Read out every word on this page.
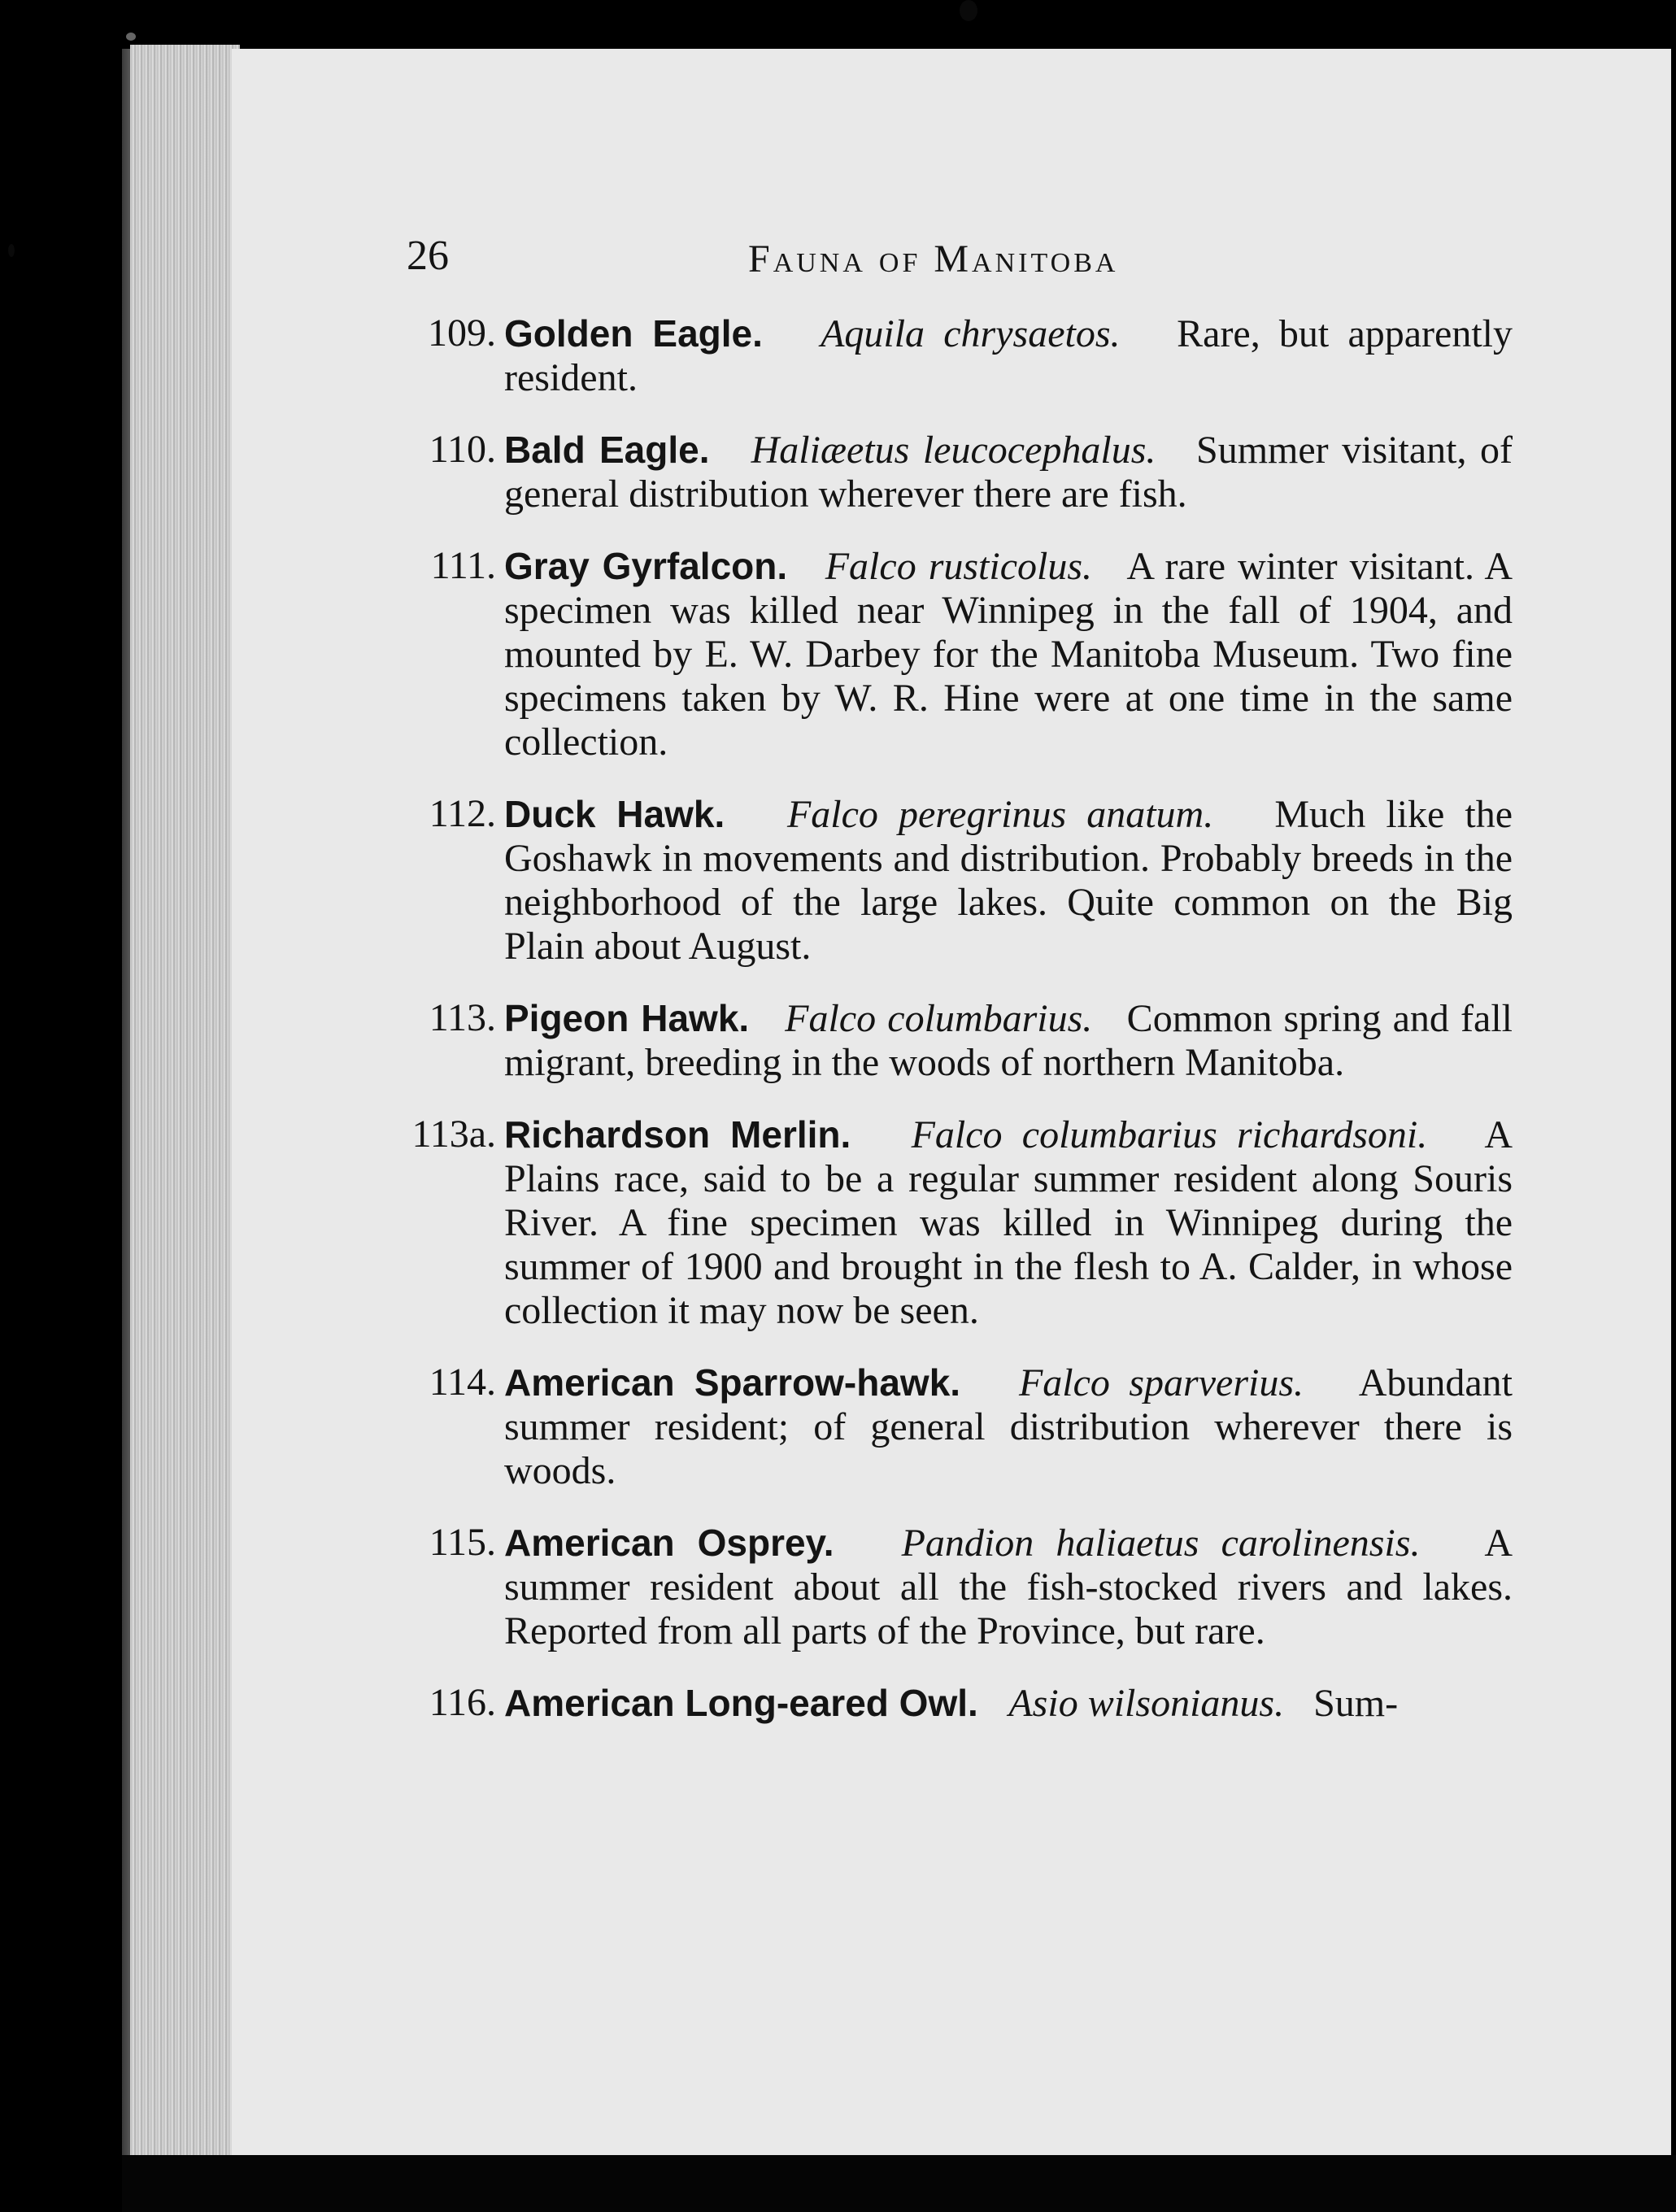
26	Fauna of Manitoba
109. Golden Eagle.   Aquila chrysaetos.   Rare, but apparently resident.
110. Bald Eagle.   Haliæetus leucocephalus.   Summer visitant, of general distribution wherever there are fish.
111. Gray Gyrfalcon.   Falco rusticolus.   A rare winter visitant. A specimen was killed near Winnipeg in the fall of 1904, and mounted by E. W. Darbey for the Manitoba Museum. Two fine specimens taken by W. R. Hine were at one time in the same collection.
112. Duck Hawk.   Falco peregrinus anatum.   Much like the Goshawk in movements and distribution. Probably breeds in the neighborhood of the large lakes. Quite common on the Big Plain about August.
113. Pigeon Hawk.   Falco columbarius.   Common spring and fall migrant, breeding in the woods of northern Manitoba.
113a. Richardson Merlin.   Falco columbarius richardsoni.   A Plains race, said to be a regular summer resident along Souris River. A fine specimen was killed in Winnipeg during the summer of 1900 and brought in the flesh to A. Calder, in whose collection it may now be seen.
114. American Sparrow-hawk.   Falco sparverius.   Abundant summer resident; of general distribution wherever there is woods.
115. American Osprey.   Pandion haliaetus carolinensis.   A summer resident about all the fish-stocked rivers and lakes. Reported from all parts of the Province, but rare.
116. American Long-eared Owl.   Asio wilsonianus.   Sum-
